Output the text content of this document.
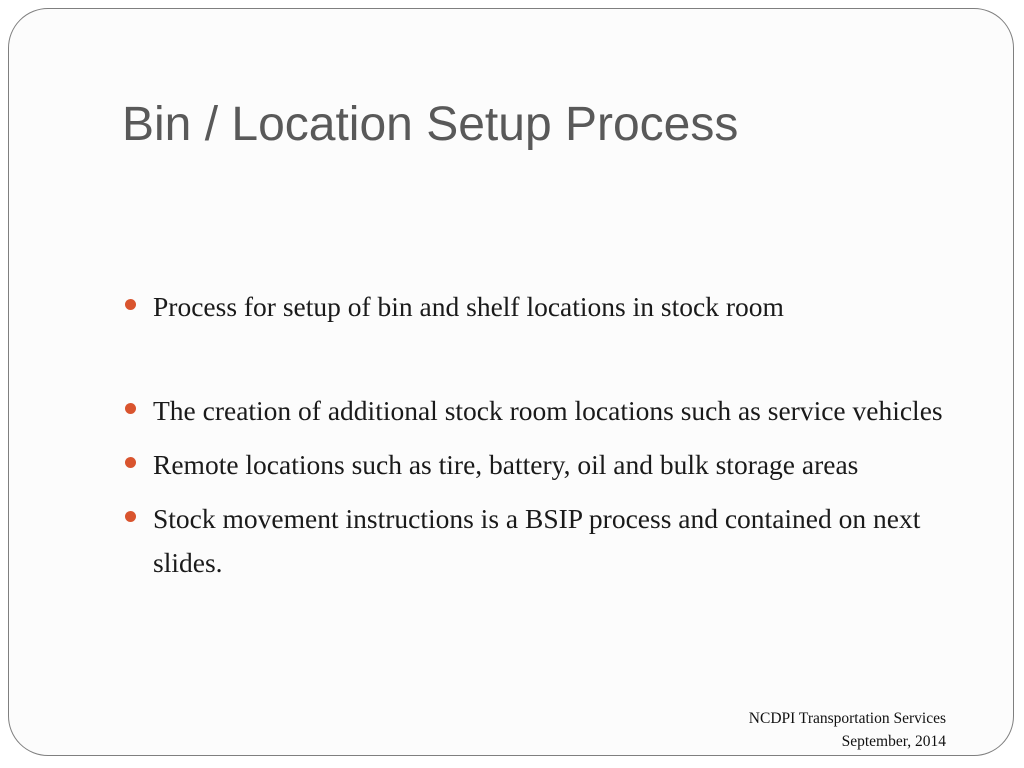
Bin / Location Setup Process
Process for setup of bin and shelf locations in stock room
The creation of additional stock room locations such as service vehicles
Remote locations such as tire, battery, oil and bulk storage areas
Stock movement instructions is a BSIP process and contained on next slides.
NCDPI Transportation Services
September, 2014
